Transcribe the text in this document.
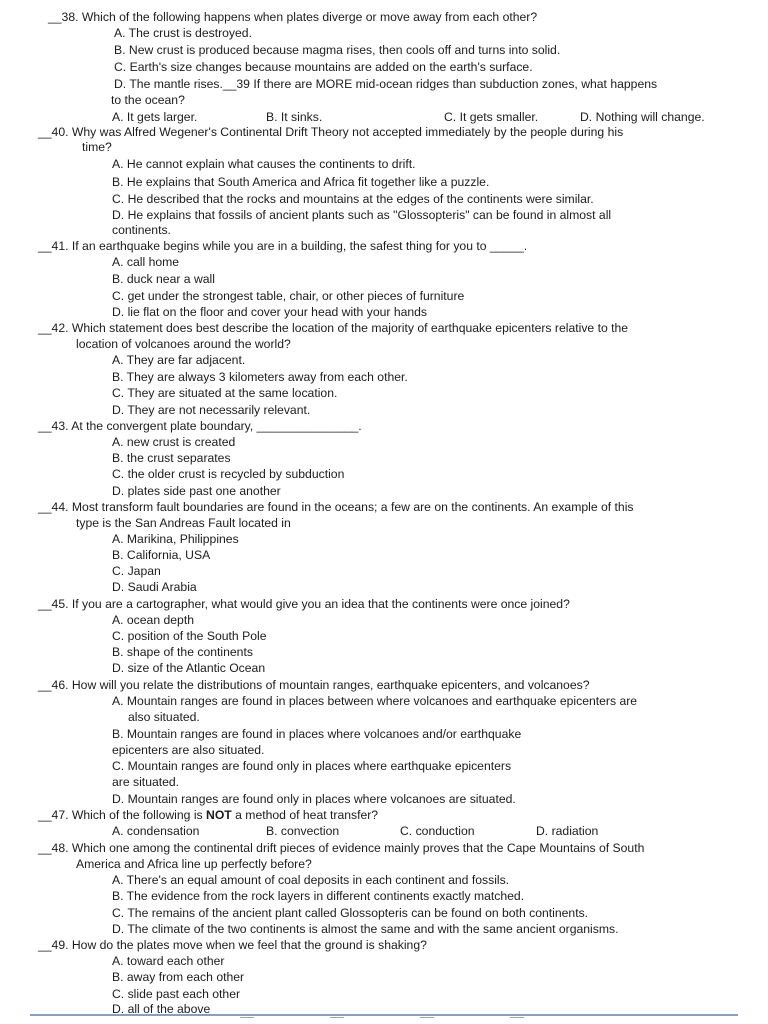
__38. Which of the following happens when plates diverge or move away from each other?
A. The crust is destroyed.
B. New crust is produced because magma rises, then cools off and turns into solid.
C. Earth's size changes because mountains are added on the earth's surface.
D. The mantle rises.__39 If there are MORE mid-ocean ridges than subduction zones, what happens
to the ocean?
A. It gets larger.	B. It sinks.	C. It gets smaller.	D. Nothing will change.
__40. Why was Alfred Wegener's Continental Drift Theory not accepted immediately by the people during his
time?
A. He cannot explain what causes the continents to drift.
B. He explains that South America and Africa fit together like a puzzle.
C. He described that the rocks and mountains at the edges of the continents were similar.
D. He explains that fossils of ancient plants such as "Glossopteris" can be found in almost all
continents.
__41. If an earthquake begins while you are in a building, the safest thing for you to _____.
A. call home
B. duck near a wall
C. get under the strongest table, chair, or other pieces of furniture
D. lie flat on the floor and cover your head with your hands
__42. Which statement does best describe the location of the majority of earthquake epicenters relative to the
location of volcanoes around the world?
A. They are far adjacent.
B. They are always 3 kilometers away from each other.
C. They are situated at the same location.
D. They are not necessarily relevant.
__43. At the convergent plate boundary, _______________.
A. new crust is created
B. the crust separates
C. the older crust is recycled by subduction
D. plates side past one another
__44. Most transform fault boundaries are found in the oceans; a few are on the continents. An example of this
type is the San Andreas Fault located in
A. Marikina, Philippines
B. California, USA
C. Japan
D. Saudi Arabia
__45. If you are a cartographer, what would give you an idea that the continents were once joined?
A. ocean depth
C. position of the South Pole
B. shape of the continents
D. size of the Atlantic Ocean
__46. How will you relate the distributions of mountain ranges, earthquake epicenters, and volcanoes?
A. Mountain ranges are found in places between where volcanoes and earthquake epicenters are
also situated.
B. Mountain ranges are found in places where volcanoes and/or earthquake
epicenters are also situated.
C. Mountain ranges are found only in places where earthquake epicenters
are situated.
D. Mountain ranges are found only in places where volcanoes are situated.
__47. Which of the following is NOT a method of heat transfer?
A. condensation	B. convection	C. conduction	D. radiation
__48. Which one among the continental drift pieces of evidence mainly proves that the Cape Mountains of South
America and Africa line up perfectly before?
A. There's an equal amount of coal deposits in each continent and fossils.
B. The evidence from the rock layers in different continents exactly matched.
C. The remains of the ancient plant called Glossopteris can be found on both continents.
D. The climate of the two continents is almost the same and with the same ancient organisms.
__49. How do the plates move when we feel that the ground is shaking?
A. toward each other
B. away from each other
C. slide past each other
D. all of the above
